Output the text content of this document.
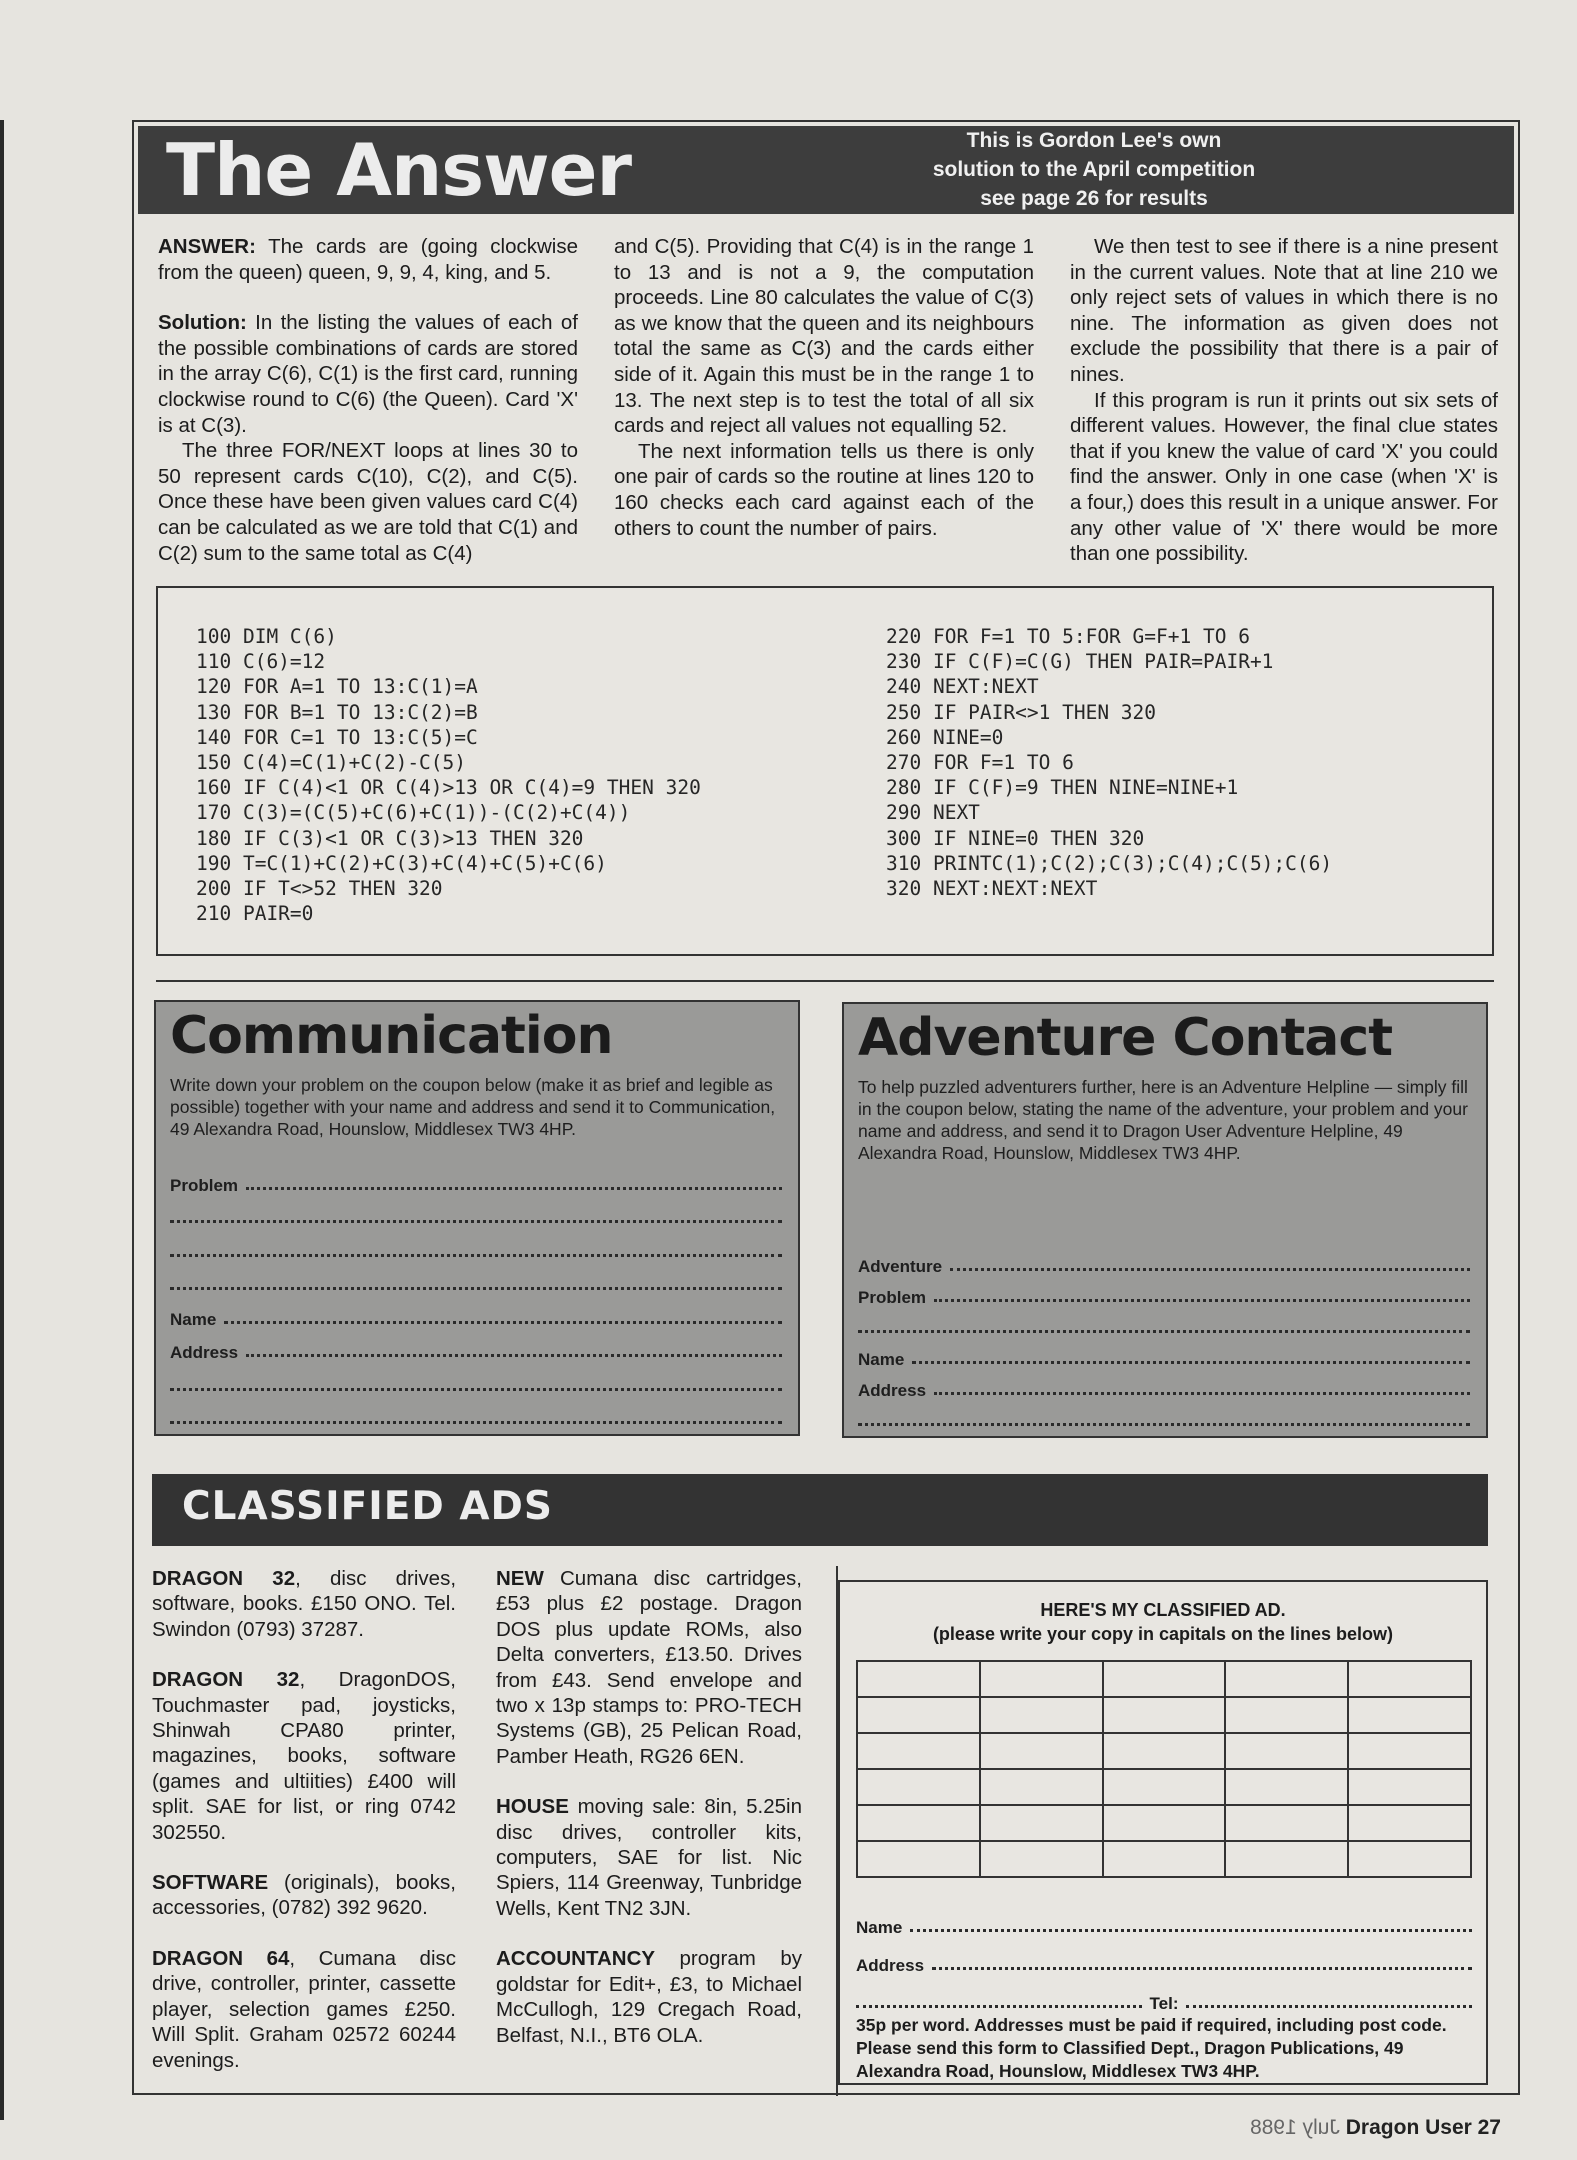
The Answer	This is Gordon Lee's own
solution to the April competition
see page 26 for results

ANSWER: The cards are (going clockwise from the queen) queen, 9, 9, 4, king, and 5.

Solution: In the listing the values of each of the possible combinations of cards are stored in the array C(6), C(1) is the first card, running clockwise round to C(6) (the Queen). Card 'X' is at C(3).

The three FOR/NEXT loops at lines 30 to 50 represent cards C(10), C(2), and C(5). Once these have been given values card C(4) can be calculated as we are told that C(1) and C(2) sum to the same total as C(4)

and C(5). Providing that C(4) is in the range 1 to 13 and is not a 9, the computation proceeds. Line 80 calculates the value of C(3) as we know that the queen and its neighbours total the same as C(3) and the cards either side of it. Again this must be in the range 1 to 13. The next step is to test the total of all six cards and reject all values not equalling 52.

The next information tells us there is only one pair of cards so the routine at lines 120 to 160 checks each card against each of the others to count the number of pairs.

We then test to see if there is a nine present in the current values. Note that at line 210 we only reject sets of values in which there is no nine. The information as given does not exclude the possibility that there is a pair of nines.

If this program is run it prints out six sets of different values. However, the final clue states that if you knew the value of card 'X' you could find the answer. Only in one case (when 'X' is a four,) does this result in a unique answer. For any other value of 'X' there would be more than one possibility.

100 DIM C(6)
110 C(6)=12
120 FOR A=1 TO 13:C(1)=A
130 FOR B=1 TO 13:C(2)=B
140 FOR C=1 TO 13:C(5)=C
150 C(4)=C(1)+C(2)-C(5)
160 IF C(4)<1 OR C(4)>13 OR C(4)=9 THEN 320
170 C(3)=(C(5)+C(6)+C(1))-(C(2)+C(4))
180 IF C(3)<1 OR C(3)>13 THEN 320
190 T=C(1)+C(2)+C(3)+C(4)+C(5)+C(6)
200 IF T<>52 THEN 320
210 PAIR=0
220 FOR F=1 TO 5:FOR G=F+1 TO 6
230 IF C(F)=C(G) THEN PAIR=PAIR+1
240 NEXT:NEXT
250 IF PAIR<>1 THEN 320
260 NINE=0
270 FOR F=1 TO 6
280 IF C(F)=9 THEN NINE=NINE+1
290 NEXT
300 IF NINE=0 THEN 320
310 PRINTC(1);C(2);C(3);C(4);C(5);C(6)
320 NEXT:NEXT:NEXT
Communication
Write down your problem on the coupon below (make it as brief and legible as possible) together with your name and address and send it to Communication, 49 Alexandra Road, Hounslow, Middlesex TW3 4HP.
Problem
Name
Address
Adventure Contact
To help puzzled adventurers further, here is an Adventure Helpline — simply fill in the coupon below, stating the name of the adventure, your problem and your name and address, and send it to Dragon User Adventure Helpline, 49 Alexandra Road, Hounslow, Middlesex TW3 4HP.
Adventure
Problem
Name
Address
CLASSIFIED ADS

DRAGON 32, disc drives, software, books. £150 ONO. Tel. Swindon (0793) 37287.

DRAGON 32, DragonDOS, Touchmaster pad, joysticks, Shinwah CPA80 printer, magazines, books, software (games and ultiities) £400 will split. SAE for list, or ring 0742 302550.

SOFTWARE (originals), books, accessories, (0782) 392 9620.

DRAGON 64, Cumana disc drive, controller, printer, cassette player, selection games £250. Will Split. Graham 02572 60244 evenings.

NEW Cumana disc cartridges, £53 plus £2 postage. Dragon DOS plus update ROMs, also Delta converters, £13.50. Drives from £43. Send envelope and two x 13p stamps to: PRO-TECH Systems (GB), 25 Pelican Road, Pamber Heath, RG26 6EN.

HOUSE moving sale: 8in, 5.25in disc drives, controller kits, computers, SAE for list. Nic Spiers, 114 Greenway, Tunbridge Wells, Kent TN2 3JN.

ACCOUNTANCY program by goldstar for Edit+, £3, to Michael McCullogh, 129 Cregach Road, Belfast, N.I., BT6 OLA.

HERE'S MY CLASSIFIED AD.
(please write your copy in capitals on the lines below)

Name
Address
Tel:
35p per word. Addresses must be paid if required, including post code. Please send this form to Classified Dept., Dragon Publications, 49 Alexandra Road, Hounslow, Middlesex TW3 4HP.
July 1988 Dragon User 27
